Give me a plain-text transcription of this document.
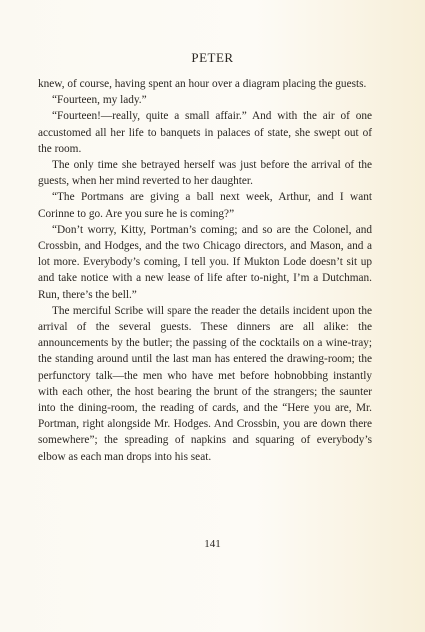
PETER

knew, of course, having spent an hour over a diagram placing the guests.

“Fourteen, my lady.”

“Fourteen!—really, quite a small affair.” And with the air of one accustomed all her life to banquets in palaces of state, she swept out of the room.

The only time she betrayed herself was just before the arrival of the guests, when her mind reverted to her daughter.

“The Portmans are giving a ball next week, Arthur, and I want Corinne to go. Are you sure he is coming?”

“Don’t worry, Kitty, Portman’s coming; and so are the Colonel, and Crossbin, and Hodges, and the two Chicago directors, and Mason, and a lot more. Everybody’s coming, I tell you. If Mukton Lode doesn’t sit up and take notice with a new lease of life after to-night, I’m a Dutchman. Run, there’s the bell.”

The merciful Scribe will spare the reader the details incident upon the arrival of the several guests. These dinners are all alike: the announcements by the butler; the passing of the cocktails on a wine-tray; the standing around until the last man has entered the drawing-room; the perfunctory talk—the men who have met before hobnobbing instantly with each other, the host bearing the brunt of the strangers; the saunter into the dining-room, the reading of cards, and the “Here you are, Mr. Portman, right alongside Mr. Hodges. And Crossbin, you are down there somewhere”; the spreading of napkins and squaring of everybody’s elbow as each man drops into his seat.

141
